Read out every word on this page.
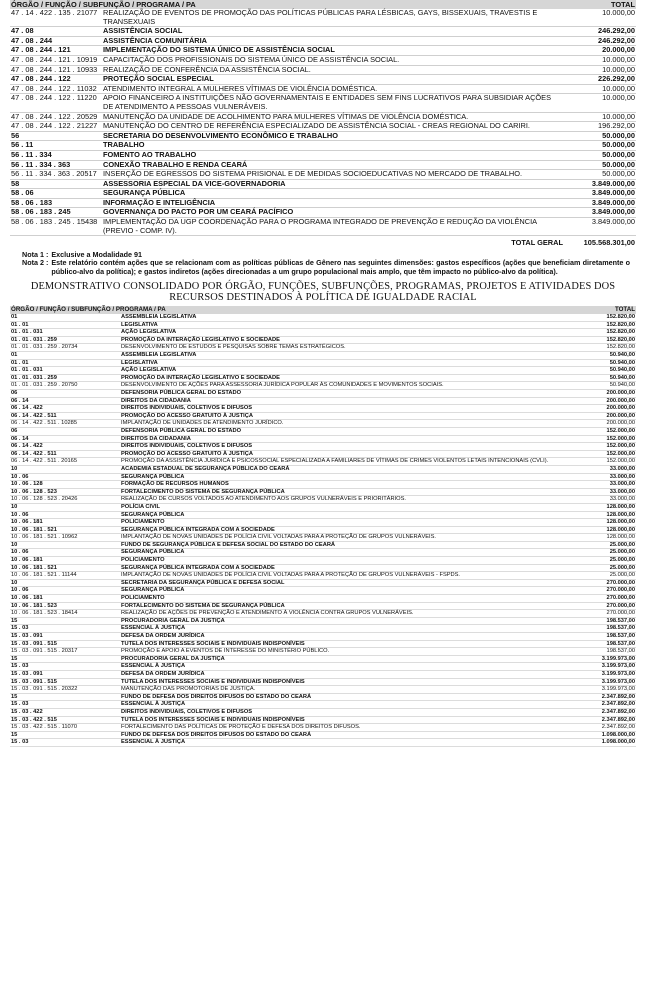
ÓRGÃO / FUNÇÃO / SUBFUNÇÃO / PROGRAMA / PA		TOTAL
47 . 14 . 422 . 135 . 21077	REALIZAÇÃO DE EVENTOS DE PROMOÇÃO DAS POLÍTICAS PÚBLICAS PARA LÉSBICAS, GAYS, BISSEXUAIS, TRAVESTIS E TRANSEXUAIS	10.000,00
47 . 08	ASSISTÊNCIA SOCIAL	246.292,00
47 . 08 . 244	ASSISTÊNCIA COMUNITÁRIA	246.292,00
47 . 08 . 244 . 121	IMPLEMENTAÇÃO DO SISTEMA ÚNICO DE ASSISTÊNCIA SOCIAL	20.000,00
47 . 08 . 244 . 121 . 10919	CAPACITAÇÃO DOS PROFISSIONAIS DO SISTEMA ÚNICO DE ASSISTÊNCIA SOCIAL.	10.000,00
47 . 08 . 244 . 121 . 10933	REALIZAÇÃO DE CONFERÊNCIA DA ASSISTÊNCIA SOCIAL.	10.000,00
47 . 08 . 244 . 122	PROTEÇÃO SOCIAL ESPECIAL	226.292,00
47 . 08 . 244 . 122 . 11032	ATENDIMENTO INTEGRAL A MULHERES VÍTIMAS DE VIOLÊNCIA DOMÉSTICA.	10.000,00
47 . 08 . 244 . 122 . 11220	APOIO FINANCEIRO A INSTITUIÇÕES NÃO GOVERNAMENTAIS E ENTIDADES SEM FINS LUCRATIVOS PARA SUBSIDIAR AÇÕES DE ATENDIMENTO A PESSOAS VULNERÁVEIS.	10.000,00
47 . 08 . 244 . 122 . 20529	MANUTENÇÃO DA UNIDADE DE ACOLHIMENTO PARA MULHERES VÍTIMAS DE VIOLÊNCIA DOMÉSTICA.	10.000,00
47 . 08 . 244 . 122 . 21227	MANUTENÇÃO DO CENTRO DE REFERÊNCIA ESPECIALIZADO DE ASSISTÊNCIA SOCIAL - CREAS REGIONAL DO CARIRI.	196.292,00
56	SECRETARIA DO DESENVOLVIMENTO ECONÔMICO E TRABALHO	50.000,00
56 . 11	TRABALHO	50.000,00
56 . 11 . 334	FOMENTO AO TRABALHO	50.000,00
56 . 11 . 334 . 363	CONEXÃO TRABALHO E RENDA CEARÁ	50.000,00
56 . 11 . 334 . 363 . 20517	INSERÇÃO DE EGRESSOS DO SISTEMA PRISIONAL E DE MEDIDAS SOCIOEDUCATIVAS NO MERCADO DE TRABALHO.	50.000,00
58	ASSESSORIA ESPECIAL DA VICE-GOVERNADORIA	3.849.000,00
58 . 06	SEGURANÇA PÚBLICA	3.849.000,00
58 . 06 . 183	INFORMAÇÃO E INTELIGÊNCIA	3.849.000,00
58 . 06 . 183 . 245	GOVERNANÇA DO PACTO POR UM CEARÁ PACÍFICO	3.849.000,00
58 . 06 . 183 . 245 . 15438	IMPLEMENTAÇÃO DA UGP COORDENAÇÃO PARA O PROGRAMA INTEGRADO DE PREVENÇÃO E REDUÇÃO DA VIOLÊNCIA (PREVIO - COMP. IV).	3.849.000,00
	TOTAL GERAL	105.568.301,00
Nota 1 : Exclusive a Modalidade 91
Nota 2 : Este relatório contém ações que se relacionam com as políticas públicas de Gênero nas seguintes dimensões: gastos específicos (ações que beneficiam diretamente o público-alvo da política); e gastos indiretos (ações direcionadas a um grupo populacional mais amplo, que têm impacto no público-alvo da política).
DEMONSTRATIVO CONSOLIDADO POR ÓRGÃO, FUNÇÕES, SUBFUNÇÕES, PROGRAMAS, PROJETOS E ATIVIDADES DOS RECURSOS DESTINADOS À POLÍTICA DE IGUALDADE RACIAL
ÓRGÃO / FUNÇÃO / SUBFUNÇÃO / PROGRAMA / PA		TOTAL
01	ASSEMBLEIA LEGISLATIVA	152.820,00
01 . 01	LEGISLATIVA	152.820,00
01 . 01 . 031	AÇÃO LEGISLATIVA	152.820,00
01 . 01 . 031 . 259	PROMOÇÃO DA INTERAÇÃO LEGISLATIVO E SOCIEDADE	152.820,00
01 . 01 . 031 . 259 . 20734	DESENVOLVIMENTO DE ESTUDOS E PESQUISAS SOBRE TEMAS ESTRATÉGICOS.	152.820,00
01	ASSEMBLEIA LEGISLATIVA	50.940,00
01 . 01	LEGISLATIVA	50.940,00
01 . 01 . 031	AÇÃO LEGISLATIVA	50.940,00
01 . 01 . 031 . 259	PROMOÇÃO DA INTERAÇÃO LEGISLATIVO E SOCIEDADE	50.940,00
01 . 01 . 031 . 259 . 20750	DESENVOLVIMENTO DE AÇÕES PARA ASSESSORIA JURÍDICA POPULAR ÀS COMUNIDADES E MOVIMENTOS SOCIAIS.	50.940,00
06	DEFENSORIA PÚBLICA GERAL DO ESTADO	200.000,00
06 . 14	DIREITOS DA CIDADANIA	200.000,00
06 . 14 . 422	DIREITOS INDIVIDUAIS, COLETIVOS E DIFUSOS	200.000,00
06 . 14 . 422 . 511	PROMOÇÃO DO ACESSO GRATUITO À JUSTIÇA	200.000,00
06 . 14 . 422 . 511 . 10285	IMPLANTAÇÃO DE UNIDADES DE ATENDIMENTO JURÍDICO.	200.000,00
06	DEFENSORIA PÚBLICA GERAL DO ESTADO	152.000,00
06 . 14	DIREITOS DA CIDADANIA	152.000,00
06 . 14 . 422	DIREITOS INDIVIDUAIS, COLETIVOS E DIFUSOS	152.000,00
06 . 14 . 422 . 511	PROMOÇÃO DO ACESSO GRATUITO À JUSTIÇA	152.000,00
06 . 14 . 422 . 511 . 20165	PROMOÇÃO DA ASSISTÊNCIA JURÍDICA E PSICOSSOCIAL ESPECIALIZADA A FAMILIARES DE VÍTIMAS DE CRIMES VIOLENTOS LETAIS INTENCIONAIS (CVLI).	152.000,00
10	ACADEMIA ESTADUAL DE SEGURANÇA PÚBLICA DO CEARÁ	33.000,00
10 . 06	SEGURANÇA PÚBLICA	33.000,00
10 . 06 . 128	FORMAÇÃO DE RECURSOS HUMANOS	33.000,00
10 . 06 . 128 . 523	FORTALECIMENTO DO SISTEMA DE SEGURANÇA PÚBLICA	33.000,00
10 . 06 . 128 . 523 . 20426	REALIZAÇÃO DE CURSOS VOLTADOS AO ATENDIMENTO AOS GRUPOS VULNERÁVEIS E PRIORITÁRIOS.	33.000,00
10	POLÍCIA CIVIL	128.000,00
10 . 06	SEGURANÇA PÚBLICA	128.000,00
10 . 06 . 181	POLICIAMENTO	128.000,00
10 . 06 . 181 . 521	SEGURANÇA PÚBLICA INTEGRADA COM A SOCIEDADE	128.000,00
10 . 06 . 181 . 521 . 10962	IMPLANTAÇÃO DE NOVAS UNIDADES DE POLÍCIA CIVIL VOLTADAS PARA A PROTEÇÃO DE GRUPOS VULNERÁVEIS.	128.000,00
10	FUNDO DE SEGURANÇA PÚBLICA E DEFESA SOCIAL DO ESTADO DO CEARÁ	25.000,00
10 . 06	SEGURANÇA PÚBLICA	25.000,00
10 . 06 . 181	POLICIAMENTO	25.000,00
10 . 06 . 181 . 521	SEGURANÇA PÚBLICA INTEGRADA COM A SOCIEDADE	25.000,00
10 . 06 . 181 . 521 . 11144	IMPLANTAÇÃO DE NOVAS UNIDADES DE POLÍCIA CIVIL VOLTADAS PARA A PROTEÇÃO DE GRUPOS VULNERÁVEIS - FSPDS.	25.000,00
10	SECRETARIA DA SEGURANÇA PÚBLICA E DEFESA SOCIAL	270.000,00
10 . 06	SEGURANÇA PÚBLICA	270.000,00
10 . 06 . 181	POLICIAMENTO	270.000,00
10 . 06 . 181 . 523	FORTALECIMENTO DO SISTEMA DE SEGURANÇA PÚBLICA	270.000,00
10 . 06 . 181 . 523 . 18414	REALIZAÇÃO DE AÇÕES DE PREVENÇÃO E ATENDIMENTO À VIOLÊNCIA CONTRA GRUPOS VULNERÁVEIS.	270.000,00
15	PROCURADORIA GERAL DA JUSTIÇA	198.537,00
15 . 03	ESSENCIAL À JUSTIÇA	198.537,00
15 . 03 . 091	DEFESA DA ORDEM JURÍDICA	198.537,00
15 . 03 . 091 . 515	TUTELA DOS INTERESSES SOCIAIS E INDIVIDUAIS INDISPONÍVEIS	198.537,00
15 . 03 . 091 . 515 . 20317	PROMOÇÃO E APOIO A EVENTOS DE INTERESSE DO MINISTÉRIO PÚBLICO.	198.537,00
15	PROCURADORIA GERAL DA JUSTIÇA	3.199.973,00
15 . 03	ESSENCIAL À JUSTIÇA	3.199.973,00
15 . 03 . 091	DEFESA DA ORDEM JURÍDICA	3.199.973,00
15 . 03 . 091 . 515	TUTELA DOS INTERESSES SOCIAIS E INDIVIDUAIS INDISPONÍVEIS	3.199.973,00
15 . 03 . 091 . 515 . 20322	MANUTENÇÃO DAS PROMOTORIAS DE JUSTIÇA.	3.199.973,00
15	FUNDO DE DEFESA DOS DIREITOS DIFUSOS DO ESTADO DO CEARÁ	2.347.892,00
15 . 03	ESSENCIAL À JUSTIÇA	2.347.892,00
15 . 03 . 422	DIREITOS INDIVIDUAIS, COLETIVOS E DIFUSOS	2.347.892,00
15 . 03 . 422 . 515	TUTELA DOS INTERESSES SOCIAIS E INDIVIDUAIS INDISPONÍVEIS	2.347.892,00
15 . 03 . 422 . 515 . 11070	FORTALECIMENTO DAS POLÍTICAS DE PROTEÇÃO E DEFESA DOS DIREITOS DIFUSOS.	2.347.892,00
15	FUNDO DE DEFESA DOS DIREITOS DIFUSOS DO ESTADO DO CEARÁ	1.098.000,00
15 . 03	ESSENCIAL À JUSTIÇA	1.098.000,00
